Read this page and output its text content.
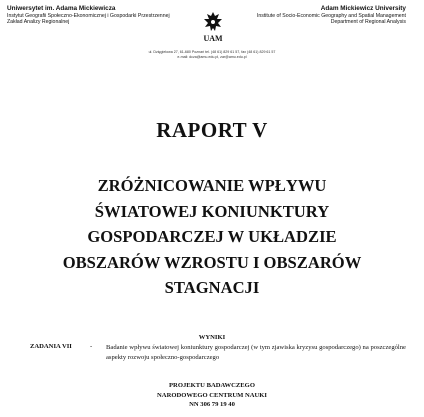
Uniwersytet im. Adama Mickiewicza
Instytut Geografii Społeczno-Ekonomicznej i Gospodarki Przestrzennej
Zakład Analizy Regionalnej
UAM
Adam Mickiewicz University
Institute of Socio-Economic Geography and Spatial Management
Department of Regional Analysis
ul. Dzięgielowa 27, 61-680 Poznań tel. (48 61) 829 61 57, fax (48 61) 829 61 57
e-mail: dcza@amu.edu.pl, zar@amu.edu.pl
RAPORT V
ZRÓŻNICOWANIE WPŁYWU
ŚWIATOWEJ KONIUNKTURY
GOSPODARCZEJ W UKŁADZIE
OBSZARÓW WZROSTU I OBSZARÓW
STAGNACJI
WYNIKI
ZADANIA VII	- Badanie wpływu światowej koniunktury gospodarczej (w tym zjawiska kryzysu gospodarczego) na poszczególne aspekty rozwoju społeczno-gospodarczego
PROJEKTU BADAWCZEGO
NARODOWEGO CENTRUM NAUKI
NN 306 79 19 40
